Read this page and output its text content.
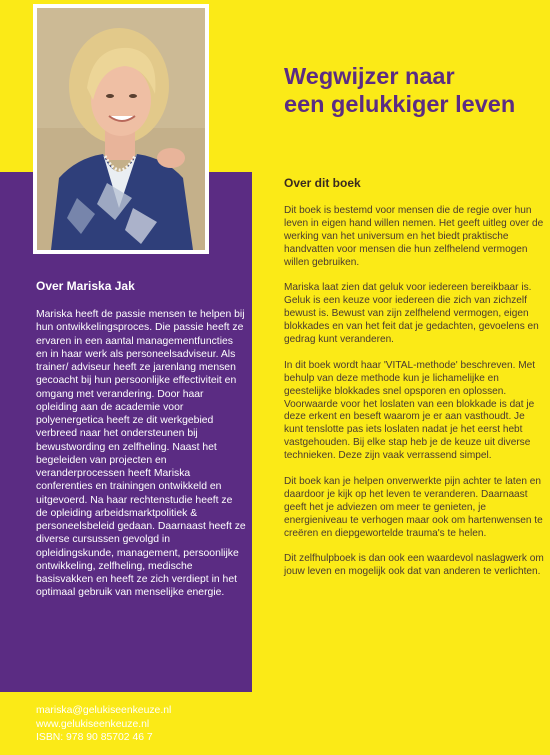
Wegwijzer naar
een gelukkiger leven
Over Mariska Jak
Mariska heeft de passie mensen te helpen bij hun ontwikkelingsproces. Die passie heeft ze ervaren in een aantal managementfuncties en in haar werk als personeelsadviseur. Als trainer/ adviseur heeft ze jarenlang mensen gecoacht bij hun persoonlijke effectiviteit en omgang met verandering. Door haar opleiding aan de academie voor polyenergetica heeft ze dit werkgebied verbreed naar het ondersteunen bij bewustwording en zelfheling. Naast het begeleiden van projecten en veranderprocessen heeft Mariska conferenties en trainingen ontwikkeld en uitgevoerd. Na haar rechtenstudie heeft ze de opleiding arbeidsmarktpolitiek & personeelsbeleid gedaan. Daarnaast heeft ze diverse cursussen gevolgd in opleidingskunde, management, persoonlijke ontwikkeling, zelfheling, medische basisvakken en heeft ze zich verdiept in het optimaal gebruik van menselijke energie.
mariska@gelukiseenkeuze.nl
www.gelukiseenkeuze.nl
ISBN: 978 90 85702 46 7
Over dit boek

Dit boek is bestemd voor mensen die de regie over hun leven in eigen hand willen nemen. Het geeft uitleg over de werking van het universum en het biedt praktische handvatten voor mensen die hun zelfhelend vermogen willen gebruiken.

Mariska laat zien dat geluk voor iedereen bereikbaar is. Geluk is een keuze voor iedereen die zich van zichzelf bewust is. Bewust van zijn zelfhelend vermogen, eigen blokkades en van het feit dat je gedachten, gevoelens en gedrag kunt veranderen.

In dit boek wordt haar 'VITAL-methode' beschreven. Met behulp van deze methode kun je lichamelijke en geestelijke blokkades snel opsporen en oplossen. Voorwaarde voor het loslaten van een blokkade is dat je deze erkent en beseft waarom je er aan vasthoudt. Je kunt tenslotte pas iets loslaten nadat je het eerst hebt vastgehouden. Bij elke stap heb je de keuze uit diverse technieken. Deze zijn vaak verrassend simpel.

Dit boek kan je helpen onverwerkte pijn achter te laten en daardoor je kijk op het leven te veranderen. Daarnaast geeft het je adviezen om meer te genieten, je energieniveau te verhogen maar ook om hartenwensen te creëren en diepgewortelde trauma's te helen.

Dit zelfhulpboek is dan ook een waardevol naslagwerk om jouw leven en mogelijk ook dat van anderen te verlichten.
